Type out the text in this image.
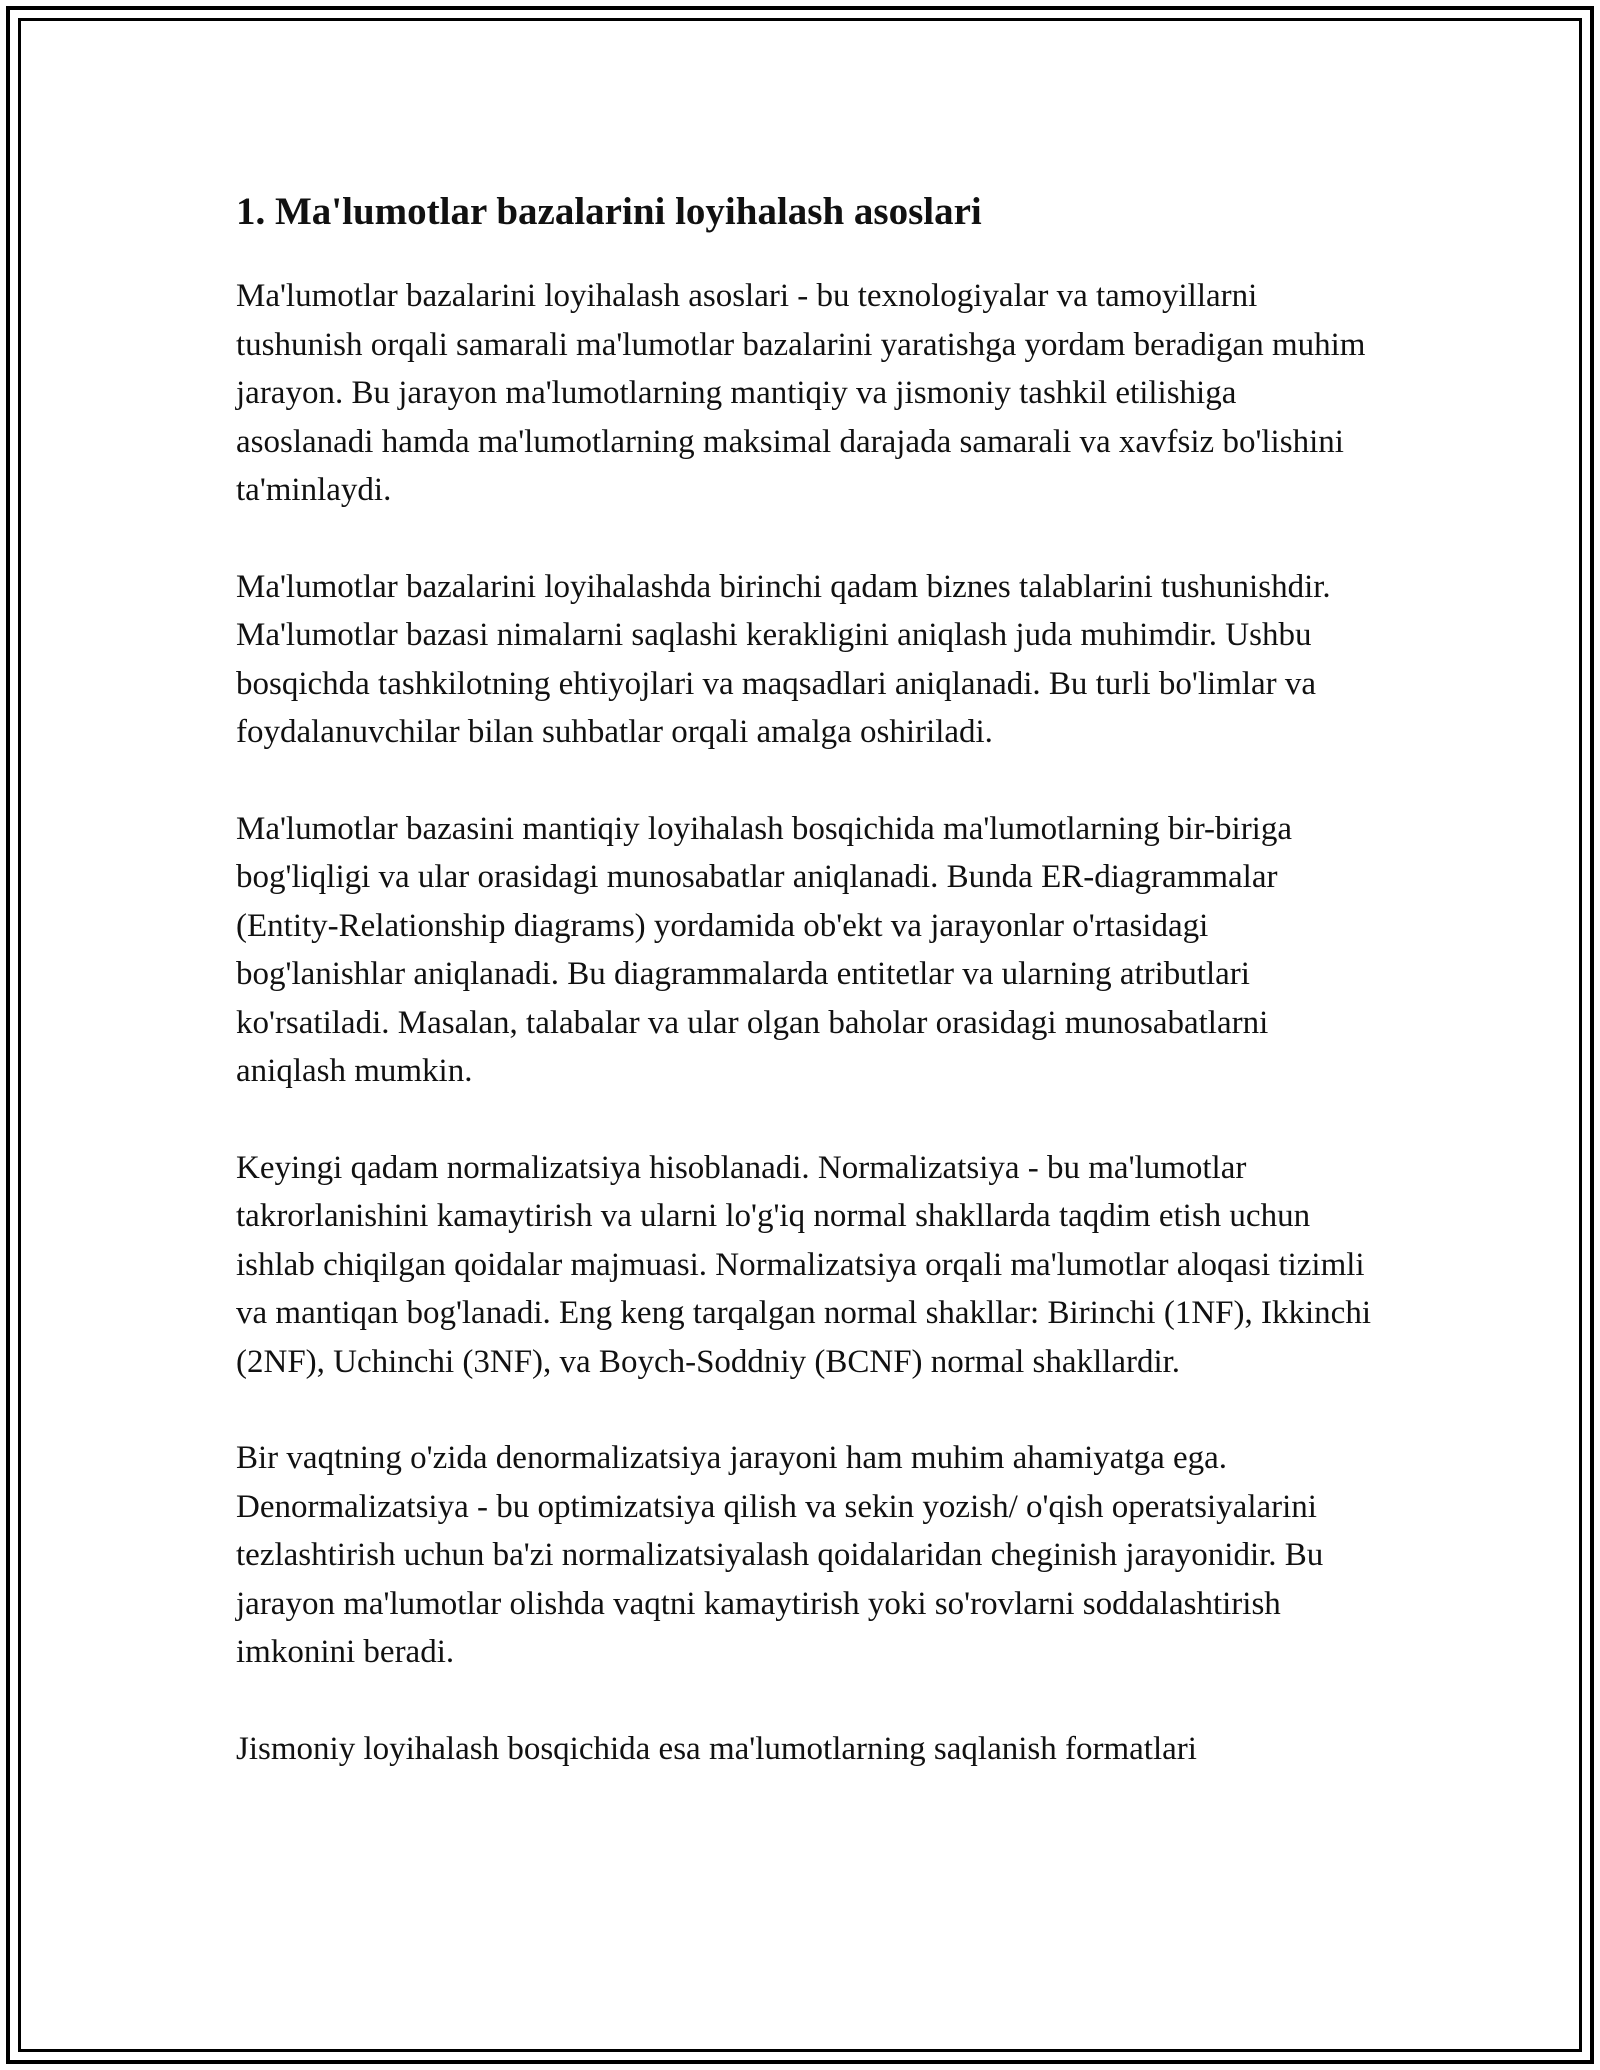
1. Ma'lumotlar bazalarini loyihalash asoslari

Ma'lumotlar bazalarini loyihalash asoslari - bu texnologiyalar va tamoyillarni tushunish orqali samarali ma'lumotlar bazalarini yaratishga yordam beradigan muhim jarayon. Bu jarayon ma'lumotlarning mantiqiy va jismoniy tashkil etilishiga asoslanadi hamda ma'lumotlarning maksimal darajada samarali va xavfsiz bo'lishini ta'minlaydi.

Ma'lumotlar bazalarini loyihalashda birinchi qadam biznes talablarini tushunishdir. Ma'lumotlar bazasi nimalarni saqlashi kerakligini aniqlash juda muhimdir. Ushbu bosqichda tashkilotning ehtiyojlari va maqsadlari aniqlanadi. Bu turli bo'limlar va foydalanuvchilar bilan suhbatlar orqali amalga oshiriladi.

Ma'lumotlar bazasini mantiqiy loyihalash bosqichida ma'lumotlarning bir-biriga bog'liqligi va ular orasidagi munosabatlar aniqlanadi. Bunda ER-diagrammalar (Entity-Relationship diagrams) yordamida ob'ekt va jarayonlar o'rtasidagi bog'lanishlar aniqlanadi. Bu diagrammalarda entitetlar va ularning atributlari ko'rsatiladi. Masalan, talabalar va ular olgan baholar orasidagi munosabatlarni aniqlash mumkin.

Keyingi qadam normalizatsiya hisoblanadi. Normalizatsiya - bu ma'lumotlar takrorlanishini kamaytirish va ularni lo'g'iq normal shakllarda taqdim etish uchun ishlab chiqilgan qoidalar majmuasi. Normalizatsiya orqali ma'lumotlar aloqasi tizimli va mantiqan bog'lanadi. Eng keng tarqalgan normal shakllar: Birinchi (1NF), Ikkinchi (2NF), Uchinchi (3NF), va Boych-Soddniy (BCNF) normal shakllardir.

Bir vaqtning o'zida denormalizatsiya jarayoni ham muhim ahamiyatga ega. Denormalizatsiya - bu optimizatsiya qilish va sekin yozish/ o'qish operatsiyalarini tezlashtirish uchun ba'zi normalizatsiyalash qoidalaridan cheginish jarayonidir. Bu jarayon ma'lumotlar olishda vaqtni kamaytirish yoki so'rovlarni soddalashtirish imkonini beradi.

Jismoniy loyihalash bosqichida esa ma'lumotlarning saqlanish formatlari
